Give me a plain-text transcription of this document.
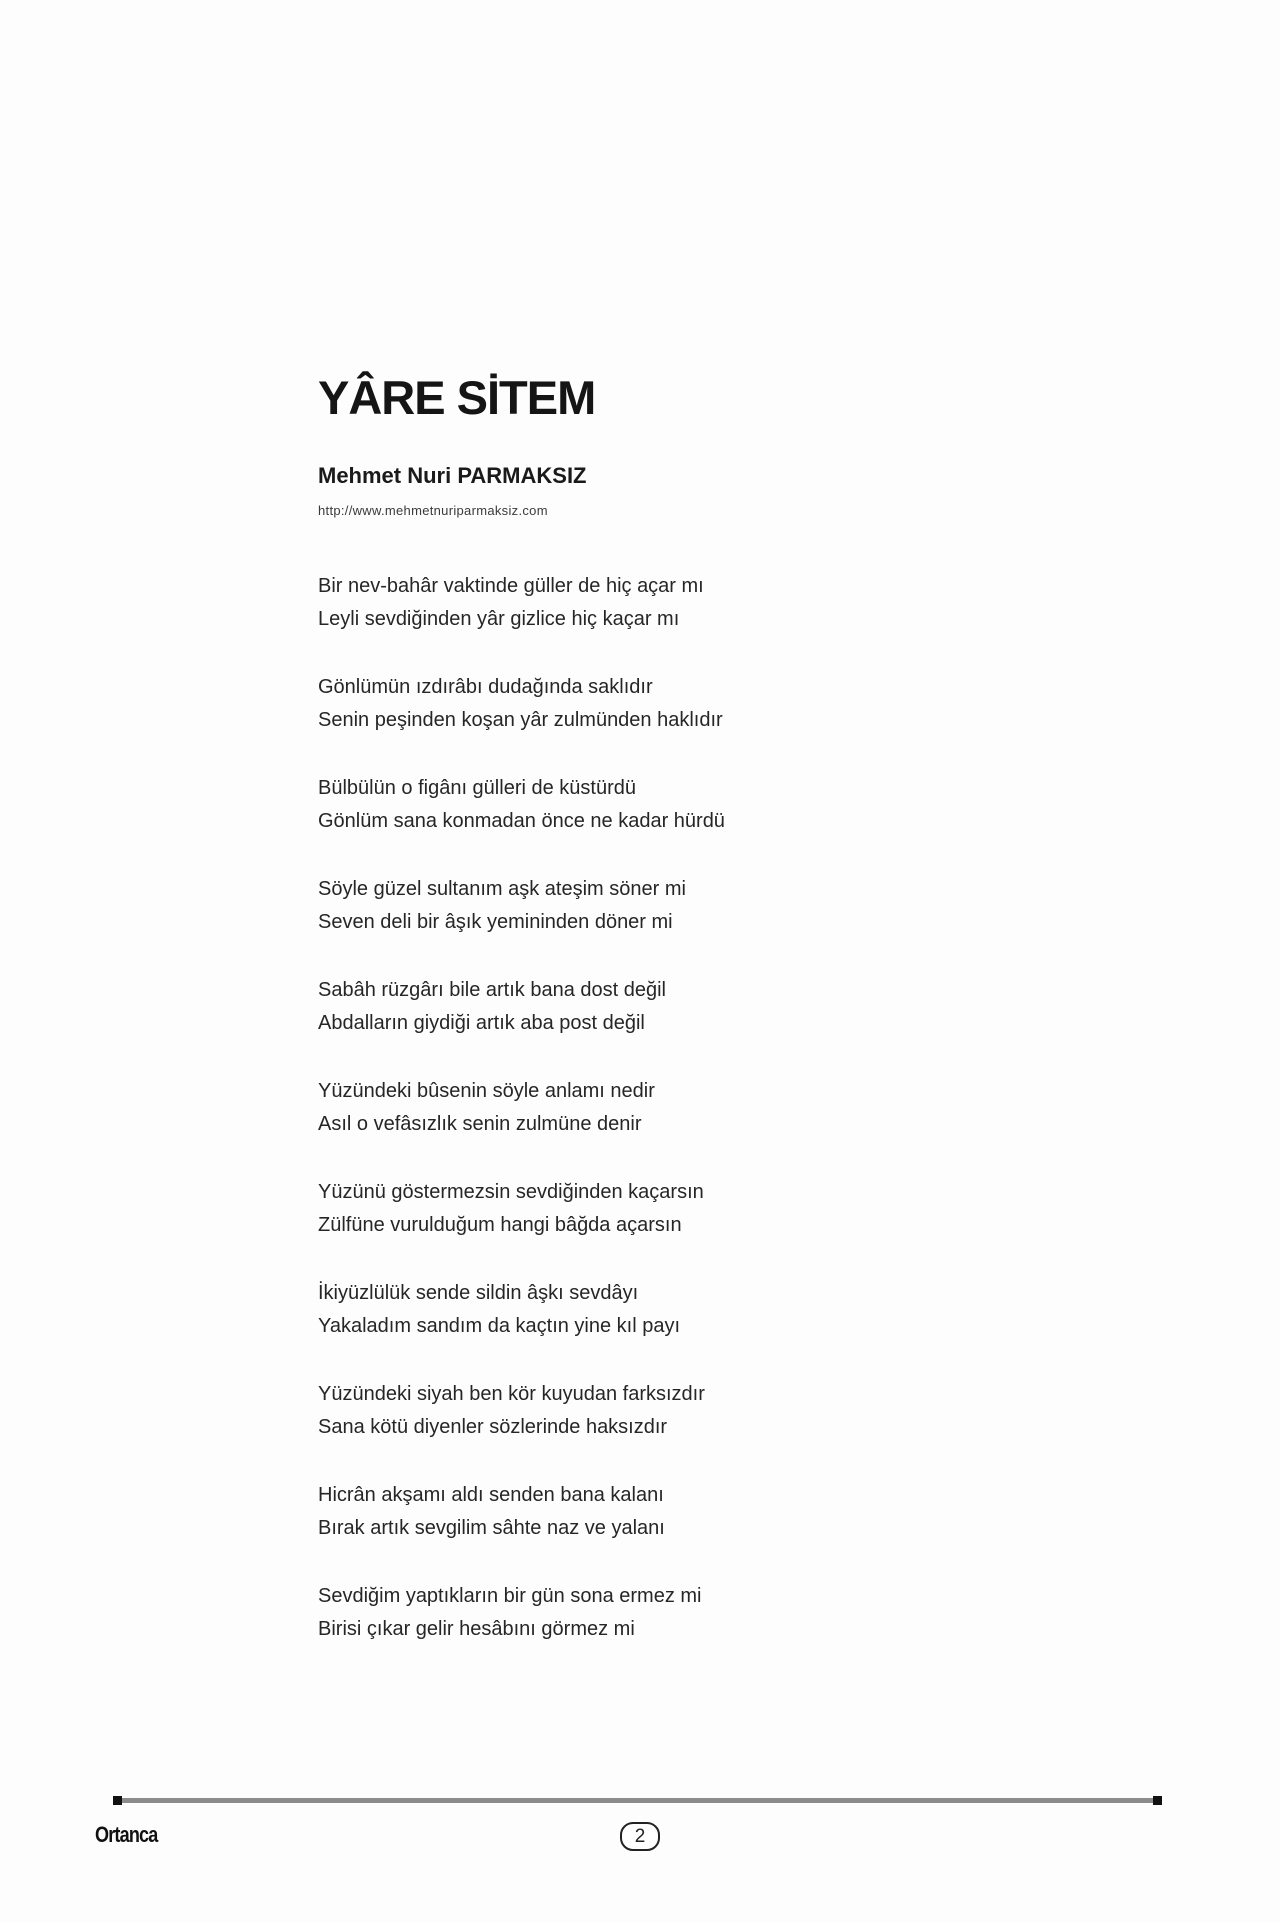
YÂRE SİTEM
Mehmet Nuri PARMAKSIZ
http://www.mehmetnuriparmaksiz.com

Bir nev-bahâr vaktinde güller de hiç açar mı
Leyli sevdiğinden yâr gizlice hiç kaçar mı

Gönlümün ızdırâbı dudağında saklıdır
Senin peşinden koşan yâr zulmünden haklıdır

Bülbülün o figânı gülleri de küstürdü
Gönlüm sana konmadan önce ne kadar hürdü

Söyle güzel sultanım aşk ateşim söner mi
Seven deli bir âşık yemininden döner mi

Sabâh rüzgârı bile artık bana dost değil
Abdalların giydiği artık aba post değil

Yüzündeki bûsenin söyle anlamı nedir
Asıl o vefâsızlık senin zulmüne denir

Yüzünü göstermezsin sevdiğinden kaçarsın
Zülfüne vurulduğum hangi bâğda açarsın

İkiyüzlülük sende sildin âşkı sevdâyı
Yakaladım sandım da kaçtın yine kıl payı

Yüzündeki siyah ben kör kuyudan farksızdır
Sana kötü diyenler sözlerinde haksızdır

Hicrân akşamı aldı senden bana kalanı
Bırak artık sevgilim sâhte naz ve yalanı

Sevdiğim yaptıkların bir gün sona ermez mi
Birisi çıkar gelir hesâbını görmez mi

Ortanca	2
